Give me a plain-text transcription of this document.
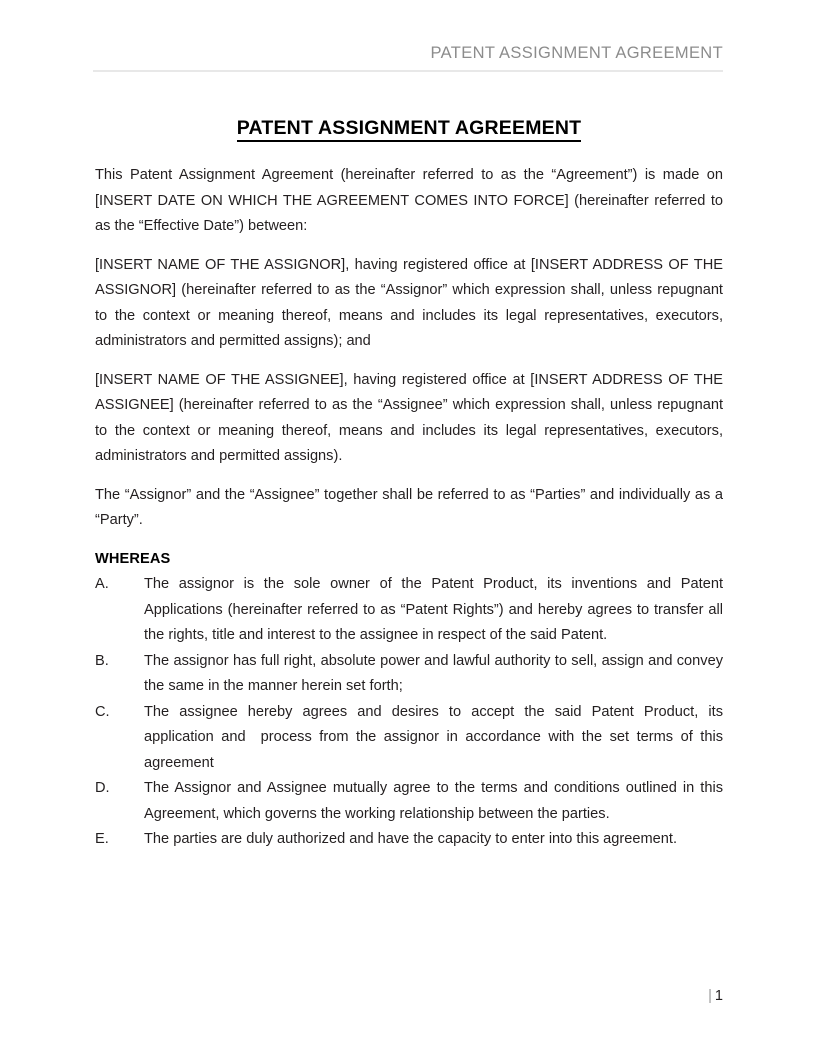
PATENT ASSIGNMENT AGREEMENT
PATENT ASSIGNMENT AGREEMENT

This Patent Assignment Agreement (hereinafter referred to as the “Agreement”) is made on [INSERT DATE ON WHICH THE AGREEMENT COMES INTO FORCE] (hereinafter referred to as the “Effective Date”) between:

[INSERT NAME OF THE ASSIGNOR], having registered office at [INSERT ADDRESS OF THE ASSIGNOR] (hereinafter referred to as the “Assignor” which expression shall, unless repugnant to the context or meaning thereof, means and includes its legal representatives, executors, administrators and permitted assigns); and

[INSERT NAME OF THE ASSIGNEE], having registered office at [INSERT ADDRESS OF THE ASSIGNEE] (hereinafter referred to as the “Assignee” which expression shall, unless repugnant to the context or meaning thereof, means and includes its legal representatives, executors, administrators and permitted assigns).

The “Assignor” and the “Assignee” together shall be referred to as “Parties” and individually as a “Party”.

WHEREAS
A.	The assignor is the sole owner of the Patent Product, its inventions and Patent Applications (hereinafter referred to as “Patent Rights”) and hereby agrees to transfer all the rights, title and interest to the assignee in respect of the said Patent.
B.	The assignor has full right, absolute power and lawful authority to sell, assign and convey the same in the manner herein set forth;
C.	The assignee hereby agrees and desires to accept the said Patent Product, its application and  process from the assignor in accordance with the set terms of this agreement
D.	The Assignor and Assignee mutually agree to the terms and conditions outlined in this Agreement, which governs the working relationship between the parties.
E.	The parties are duly authorized and have the capacity to enter into this agreement.
| 1
